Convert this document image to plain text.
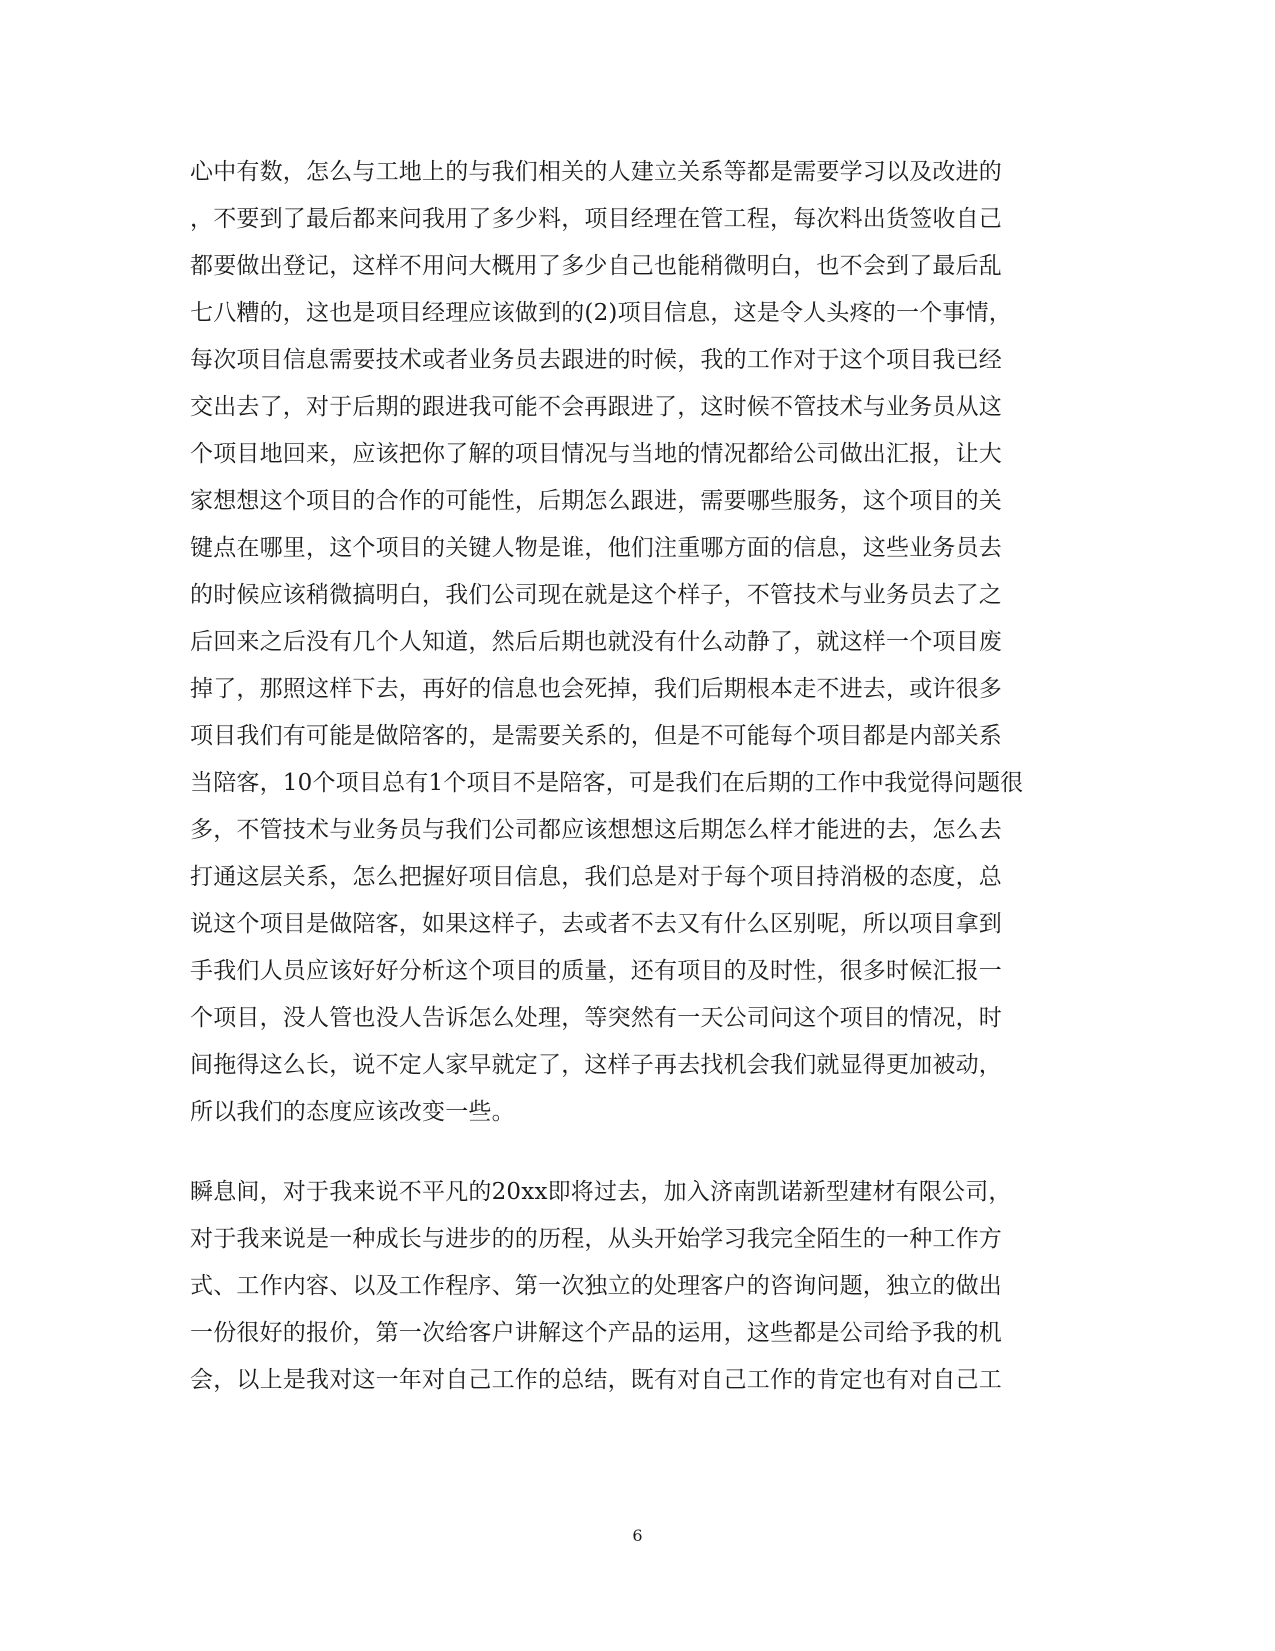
心中有数，怎么与工地上的与我们相关的人建立关系等都是需要学习以及改进的
，不要到了最后都来问我用了多少料，项目经理在管工程，每次料出货签收自己
都要做出登记，这样不用问大概用了多少自己也能稍微明白，也不会到了最后乱
七八糟的，这也是项目经理应该做到的(2)项目信息，这是令人头疼的一个事情，
每次项目信息需要技术或者业务员去跟进的时候，我的工作对于这个项目我已经
交出去了，对于后期的跟进我可能不会再跟进了，这时候不管技术与业务员从这
个项目地回来，应该把你了解的项目情况与当地的情况都给公司做出汇报，让大
家想想这个项目的合作的可能性，后期怎么跟进，需要哪些服务，这个项目的关
键点在哪里，这个项目的关键人物是谁，他们注重哪方面的信息，这些业务员去
的时候应该稍微搞明白，我们公司现在就是这个样子，不管技术与业务员去了之
后回来之后没有几个人知道，然后后期也就没有什么动静了，就这样一个项目废
掉了，那照这样下去，再好的信息也会死掉，我们后期根本走不进去，或许很多
项目我们有可能是做陪客的，是需要关系的，但是不可能每个项目都是内部关系
当陪客，10个项目总有1个项目不是陪客，可是我们在后期的工作中我觉得问题很
多，不管技术与业务员与我们公司都应该想想这后期怎么样才能进的去，怎么去
打通这层关系，怎么把握好项目信息，我们总是对于每个项目持消极的态度，总
说这个项目是做陪客，如果这样子，去或者不去又有什么区别呢，所以项目拿到
手我们人员应该好好分析这个项目的质量，还有项目的及时性，很多时候汇报一
个项目，没人管也没人告诉怎么处理，等突然有一天公司问这个项目的情况，时
间拖得这么长，说不定人家早就定了，这样子再去找机会我们就显得更加被动，
所以我们的态度应该改变一些。
瞬息间，对于我来说不平凡的20xx即将过去，加入济南凯诺新型建材有限公司，
对于我来说是一种成长与进步的的历程，从头开始学习我完全陌生的一种工作方
式、工作内容、以及工作程序、第一次独立的处理客户的咨询问题，独立的做出
一份很好的报价，第一次给客户讲解这个产品的运用，这些都是公司给予我的机
会，以上是我对这一年对自己工作的总结，既有对自己工作的肯定也有对自己工
6
